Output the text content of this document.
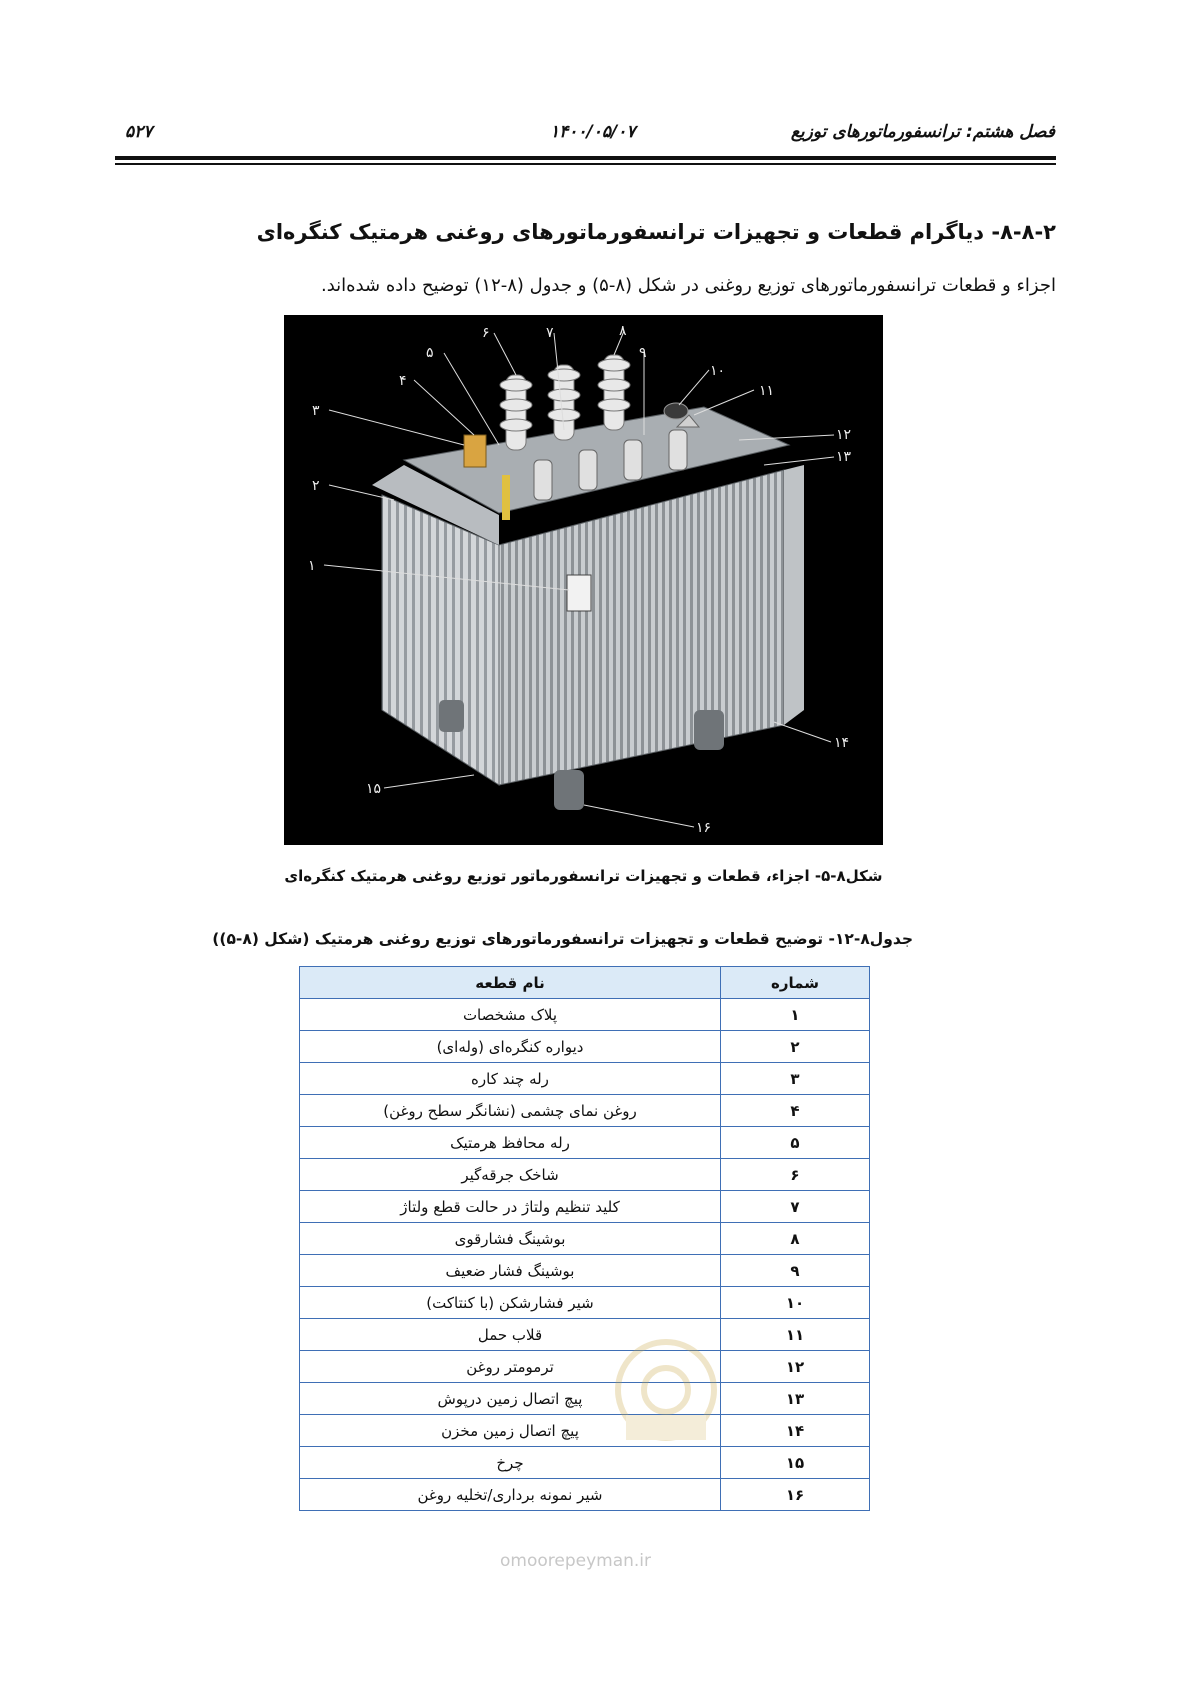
فصل هشتم: ترانسفورماتورهای توزیع
۱۴۰۰/۰۵/۰۷
۵۲۷
۸-۸-۲- دیاگرام قطعات و تجهیزات ترانسفورماتورهای روغنی هرمتیک کنگره‌ای
اجزاء و قطعات ترانسفورماتورهای توزیع روغنی در شکل (۸-۵) و جدول (۸-۱۲) توضیح داده شده‌اند.
۱
۲
۳
۴
۵
۶	۷	۸
۹
۱۰
۱۱
۱۲
۱۳
۱۴
۱۵
۱۶
شکل۸-۵- اجزاء، قطعات و تجهیزات ترانسفورماتور توزیع روغنی هرمتیک کنگره‌ای
جدول۸-۱۲- توضیح قطعات و تجهیزات ترانسفورماتورهای توزیع روغنی هرمتیک (شکل (۸-۵))
شماره	نام قطعه
۱	پلاک مشخصات
۲	دیواره کنگره‌ای (وله‌ای)
۳	رله چند کاره
۴	روغن نمای چشمی (نشانگر سطح روغن)
۵	رله محافظ هرمتیک
۶	شاخک جرقه‌گیر
۷	کلید تنظیم ولتاژ در حالت قطع ولتاژ
۸	بوشینگ فشارقوی
۹	بوشینگ فشار ضعیف
۱۰	شیر فشارشکن (با کنتاکت)
۱۱	قلاب حمل
۱۲	ترمومتر روغن
۱۳	پیچ اتصال زمین درپوش
۱۴	پیچ اتصال زمین مخزن
۱۵	چرخ
۱۶	شیر نمونه برداری/تخلیه روغن
omoorepeyman.ir
